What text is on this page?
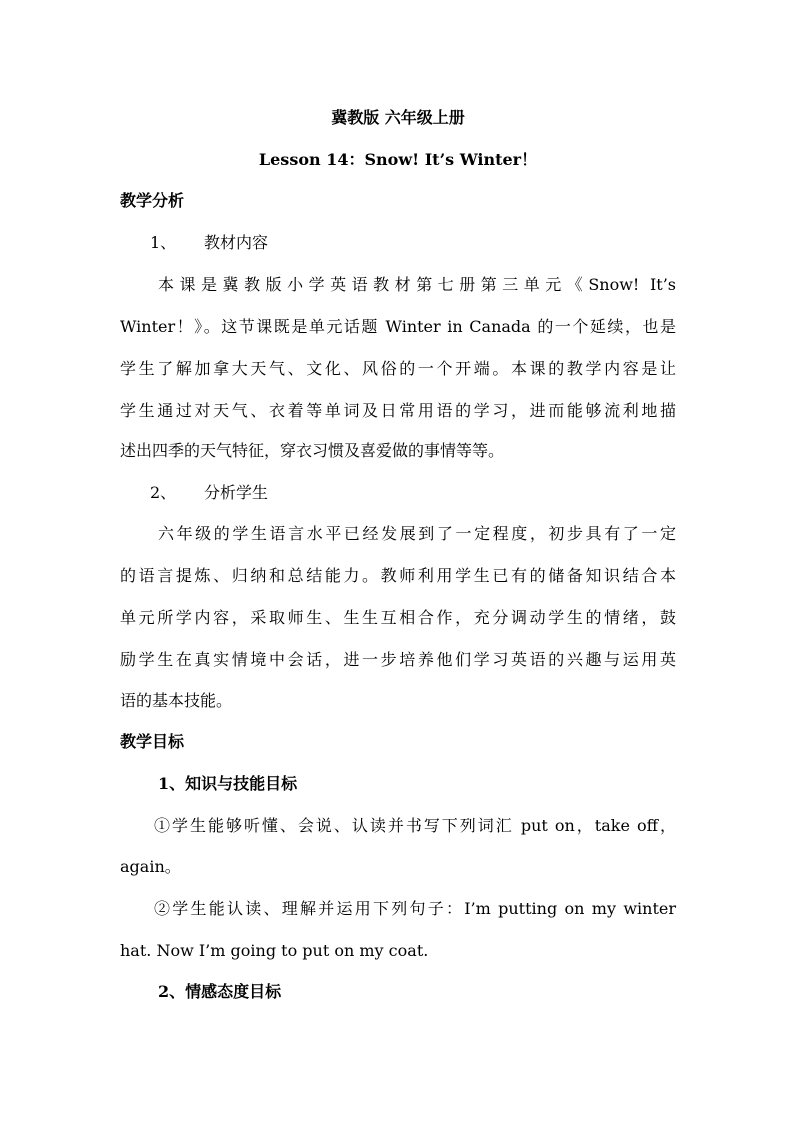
冀教版 六年级上册
Lesson 14：Snow! It’s Winter！
教学分析
1、 教材内容
本课是冀教版小学英语教材第七册第三单元《Snow! It’s
Winter！》。这节课既是单元话题 Winter in Canada 的一个延续，也是
学生了解加拿大天气、文化、风俗的一个开端。本课的教学内容是让
学生通过对天气、衣着等单词及日常用语的学习，进而能够流利地描
述出四季的天气特征，穿衣习惯及喜爱做的事情等等。
2、 分析学生
六年级的学生语言水平已经发展到了一定程度，初步具有了一定
的语言提炼、归纳和总结能力。教师利用学生已有的储备知识结合本
单元所学内容，采取师生、生生互相合作，充分调动学生的情绪，鼓
励学生在真实情境中会话，进一步培养他们学习英语的兴趣与运用英
语的基本技能。
教学目标
1、知识与技能目标
①学生能够听懂、会说、认读并书写下列词汇 put on，take off，
again。
②学生能认读、理解并运用下列句子：I’m putting on my winter
hat. Now I’m going to put on my coat.
2、情感态度目标
